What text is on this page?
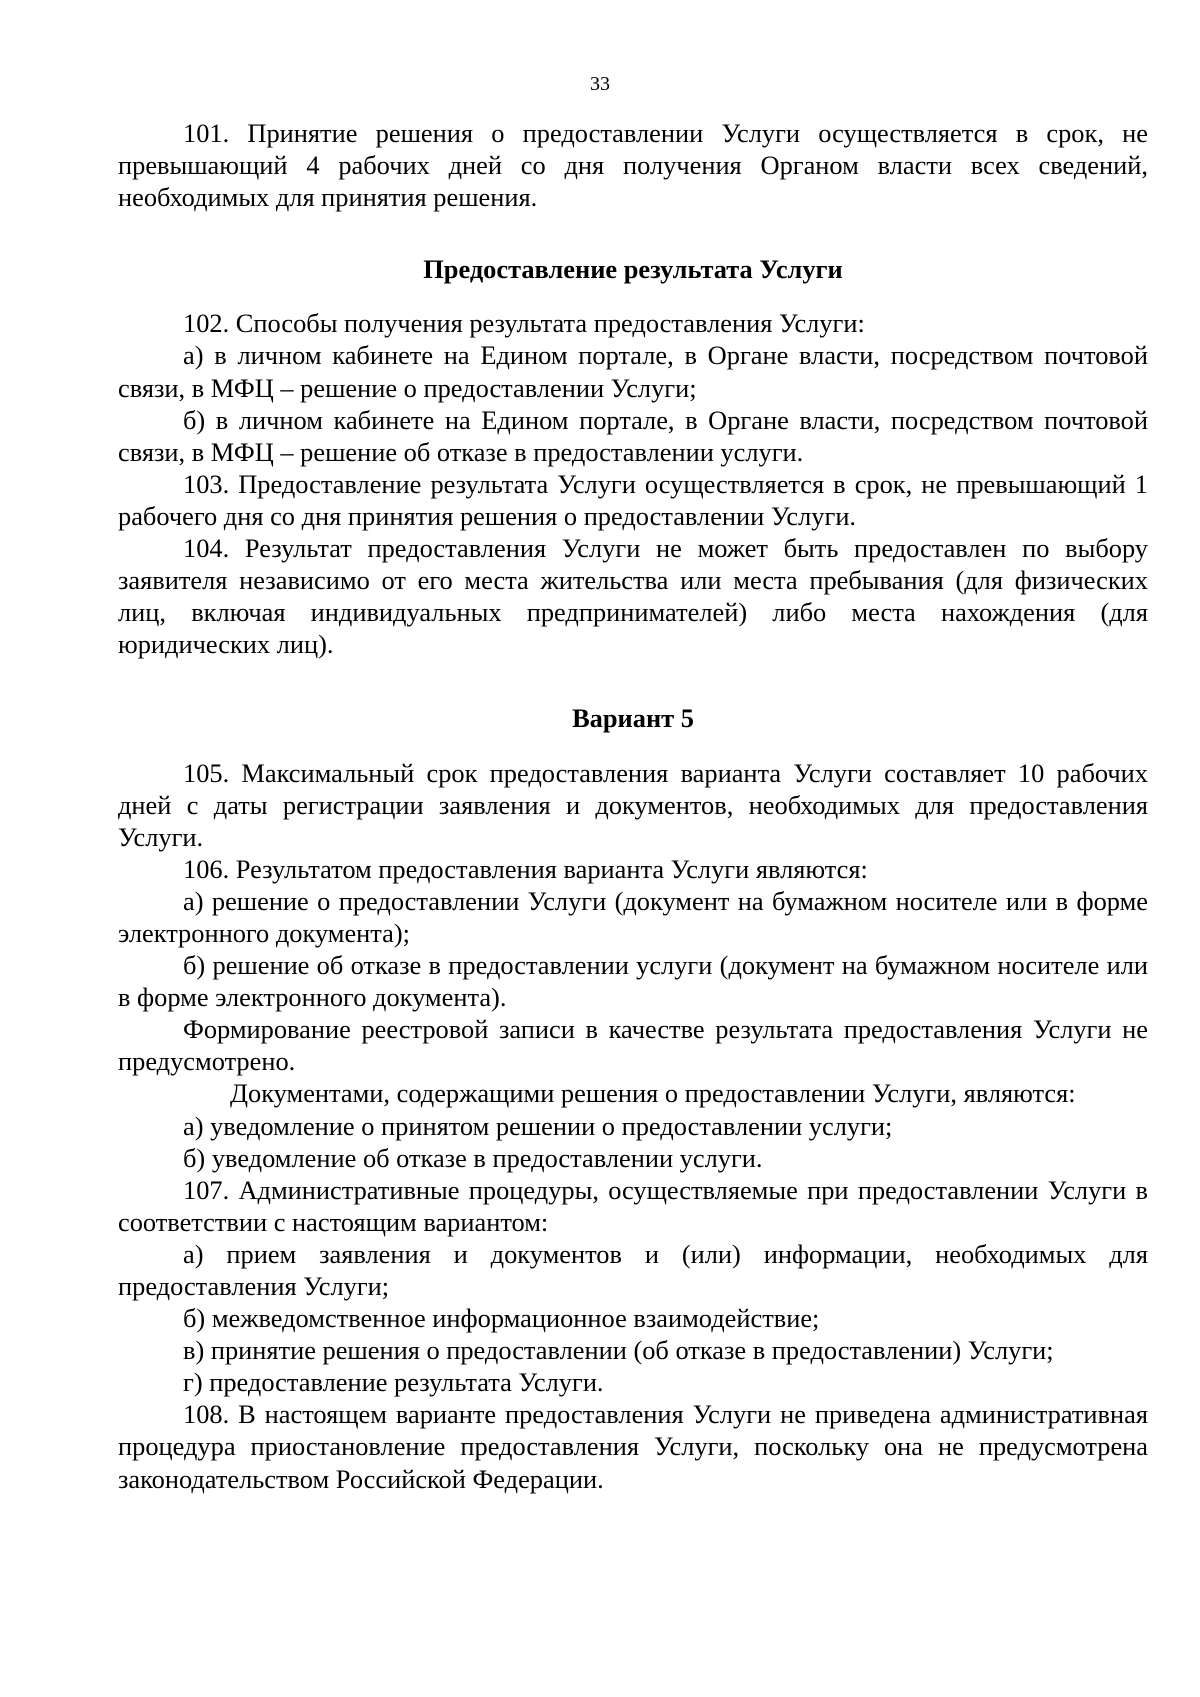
33

101. Принятие решения о предоставлении Услуги осуществляется в срок, не превышающий 4 рабочих дней со дня получения Органом власти всех сведений, необходимых для принятия решения.

Предоставление результата Услуги

102. Способы получения результата предоставления Услуги:

а) в личном кабинете на Едином портале, в Органе власти, посредством почтовой связи, в МФЦ – решение о предоставлении Услуги;

б) в личном кабинете на Едином портале, в Органе власти, посредством почтовой связи, в МФЦ – решение об отказе в предоставлении услуги.

103. Предоставление результата Услуги осуществляется в срок, не превышающий 1 рабочего дня со дня принятия решения о предоставлении Услуги.

104. Результат предоставления Услуги не может быть предоставлен по выбору заявителя независимо от его места жительства или места пребывания (для физических лиц, включая индивидуальных предпринимателей) либо места нахождения (для юридических лиц).

Вариант 5

105. Максимальный срок предоставления варианта Услуги составляет 10 рабочих дней с даты регистрации заявления и документов, необходимых для предоставления Услуги.

106. Результатом предоставления варианта Услуги являются:

а) решение о предоставлении Услуги (документ на бумажном носителе или в форме электронного документа);

б) решение об отказе в предоставлении услуги (документ на бумажном носителе или в форме электронного документа).

Формирование реестровой записи в качестве результата предоставления Услуги не предусмотрено.

Документами, содержащими решения о предоставлении Услуги, являются:

а) уведомление о принятом решении о предоставлении услуги;

б) уведомление об отказе в предоставлении услуги.

107. Административные процедуры, осуществляемые при предоставлении Услуги в соответствии с настоящим вариантом:

а) прием заявления и документов и (или) информации, необходимых для предоставления Услуги;

б) межведомственное информационное взаимодействие;

в) принятие решения о предоставлении (об отказе в предоставлении) Услуги;

г) предоставление результата Услуги.

108. В настоящем варианте предоставления Услуги не приведена административная процедура приостановление предоставления Услуги, поскольку она не предусмотрена законодательством Российской Федерации.
